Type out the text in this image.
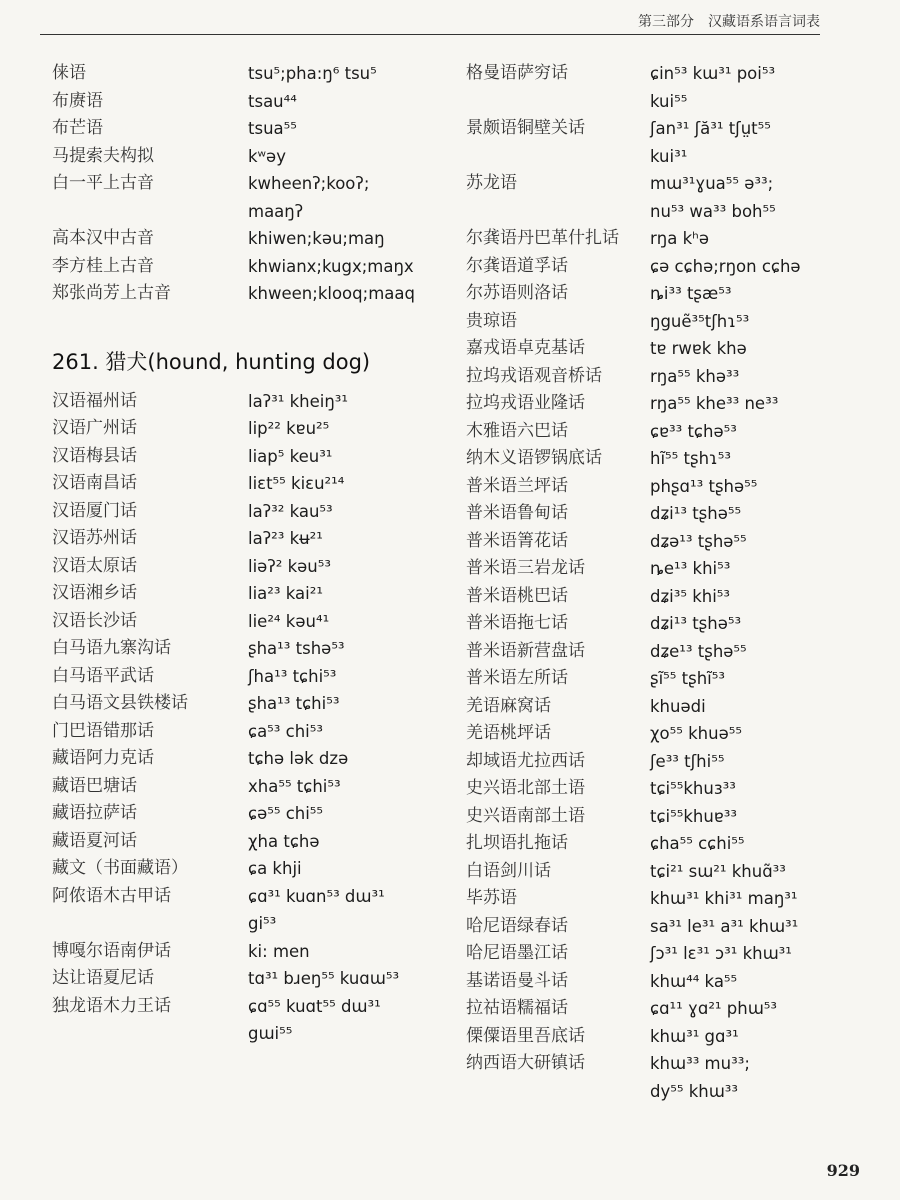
第三部分 汉藏语系语言词表
俫语	tsu⁵;pha:ŋ⁶ tsu⁵
布赓语	tsau⁴⁴
布芒语	tsua⁵⁵
马提索夫构拟	kʷəy
白一平上古音	kwheenʔ;kooʔ;
maaŋʔ
高本汉中古音	khiwen;kǝu;maŋ
李方桂上古音	khwianx;kugx;maŋx
郑张尚芳上古音	khween;klooq;maaq
261. 猎犬(hound, hunting dog)
汉语福州话	laʔ³¹ kheiŋ³¹
汉语广州话	lip²² kɐu²⁵
汉语梅县话	liap⁵ keu³¹
汉语南昌话	liɛt⁵⁵ kiɛu²¹⁴
汉语厦门话	laʔ³² kau⁵³
汉语苏州话	laʔ²³ kʉ²¹
汉语太原话	liəʔ² kəu⁵³
汉语湘乡话	lia²³ kai²¹
汉语长沙话	lie²⁴ kəu⁴¹
白马语九寨沟话	ʂha¹³ tshə⁵³
白马语平武话	ʃha¹³ tɕhi⁵³
白马语文县铁楼话	ʂha¹³ tɕhi⁵³
门巴语错那话	ɕa⁵³ chi⁵³
藏语阿力克话	tɕhə lək dzə
藏语巴塘话	xha⁵⁵ tɕhi⁵³
藏语拉萨话	ɕə⁵⁵ chi⁵⁵
藏语夏河话	χha tɕhə
藏文（书面藏语）	ɕa khji
阿侬语木古甲话	ɕɑ³¹ kuɑn⁵³ dɯ³¹
gi⁵³
博嘎尔语南伊话	ki: men
达让语夏尼话	tɑ³¹ bɹeŋ⁵⁵ kuɑɯ⁵³
独龙语木力王话	ɕɑ⁵⁵ kuɑt⁵⁵ dɯ³¹
gɯi⁵⁵
格曼语萨穷话	ɕin⁵³ kɯ³¹ poi⁵³
kui⁵⁵
景颇语铜壁关话	ʃan³¹ ʃă³¹ tʃṳt⁵⁵
kui³¹
苏龙语	mɯ³¹ɣua⁵⁵ ə³³;
nu⁵³ wa³³ boh⁵⁵
尔龚语丹巴革什扎话	rŋa kʰə
尔龚语道孚话	ɕə cɕhə;rŋon cɕhə
尔苏语则洛话	ȵi³³ tʂæ⁵³
贵琼语	ŋguẽ³⁵tʃhɿ⁵³
嘉戎语卓克基话	tɐ rwɐk khə
拉坞戎语观音桥话	rŋa⁵⁵ khə³³
拉坞戎语业隆话	rŋa⁵⁵ khe³³ ne³³
木雅语六巴话	ɕɐ³³ tɕhə⁵³
纳木义语锣锅底话	hĩ⁵⁵ tʂhɿ⁵³
普米语兰坪话	phʂɑ¹³ tʂhə⁵⁵
普米语鲁甸话	dʑi¹³ tʂhə⁵⁵
普米语箐花话	dʑə¹³ tʂhə⁵⁵
普米语三岩龙话	ȵe¹³ khi⁵³
普米语桃巴话	dʑi³⁵ khi⁵³
普米语拖七话	dʑi¹³ tʂhə⁵³
普米语新营盘话	dʑe¹³ tʂhə⁵⁵
普米语左所话	ʂĩ⁵⁵ tʂhĩ⁵³
羌语麻窝话	khuədi
羌语桃坪话	χo⁵⁵ khuə⁵⁵
却域语尤拉西话	ʃe³³ tʃhi⁵⁵
史兴语北部土语	tɕi⁵⁵khuɜ³³
史兴语南部土语	tɕi⁵⁵khuɐ³³
扎坝语扎拖话	ɕha⁵⁵ cɕhi⁵⁵
白语剑川话	tɕi²¹ sɯ²¹ khuɑ̃³³
毕苏语	khɯ³¹ khi³¹ maŋ³¹
哈尼语绿春话	sa³¹ le³¹ a³¹ khɯ³¹
哈尼语墨江话	ʃɔ³¹ lɛ³¹ ɔ³¹ khɯ³¹
基诺语曼斗话	khɯ⁴⁴ ka⁵⁵
拉祜语糯福话	ɕɑ¹¹ ɣɑ²¹ phɯ⁵³
傈僳语里吾底话	khɯ³¹ gɑ³¹
纳西语大研镇话	khɯ³³ mu³³;
dy⁵⁵ khɯ³³
929
